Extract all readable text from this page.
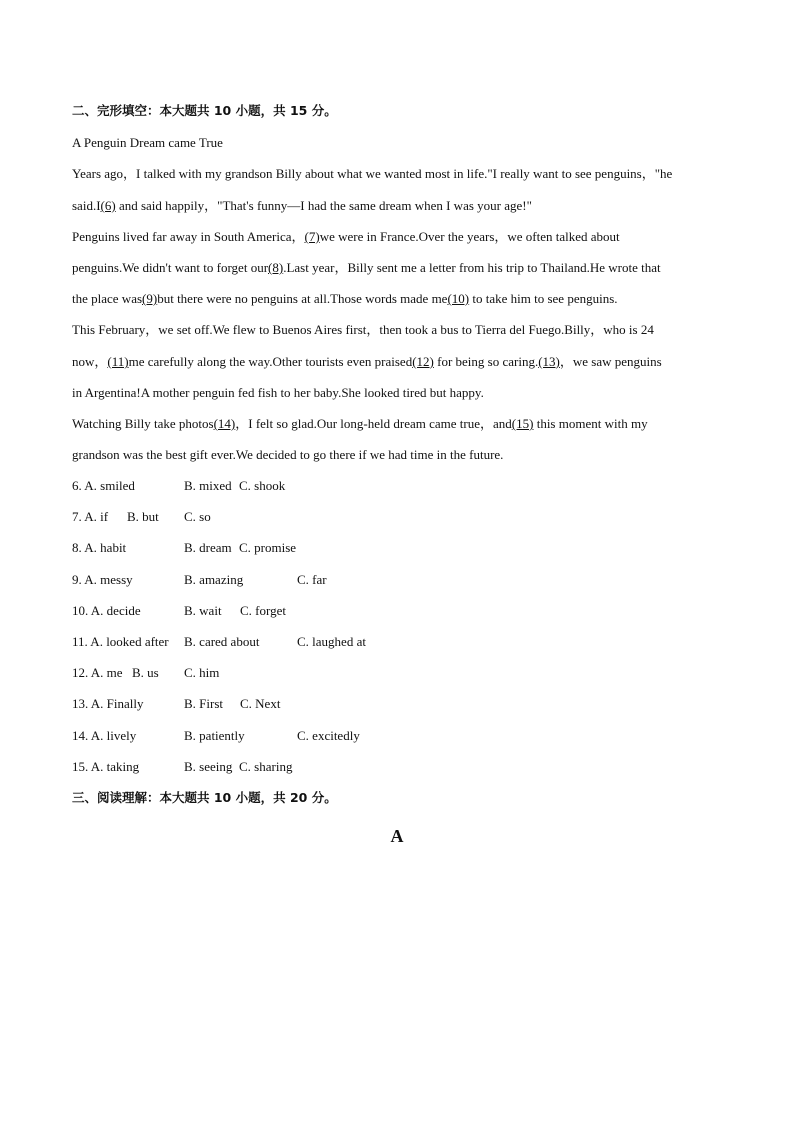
二、完形填空：本大题共 10 小题，共 15 分。
A Penguin Dream came True
Years ago，I talked with my grandson Billy about what we wanted most in life."I really want to see penguins，"he
said.I(6) and said happily，"That's funny—I had the same dream when I was your age!"
Penguins lived far away in South America，(7)we were in France.Over the years，we often talked about
penguins.We didn't want to forget our(8).Last year，Billy sent me a letter from his trip to Thailand.He wrote that
the place was(9)but there were no penguins at all.Those words made me(10) to take him to see penguins.
This February，we set off.We flew to Buenos Aires first，then took a bus to Tierra del Fuego.Billy，who is 24
now，(11)me carefully along the way.Other tourists even praised(12) for being so caring.(13)，we saw penguins
in Argentina!A mother penguin fed fish to her baby.She looked tired but happy.
Watching Billy take photos(14)，I felt so glad.Our long-held dream came true，and(15) this moment with my
grandson was the best gift ever.We decided to go there if we had time in the future.
6. A. smiled	B. mixed C. shook
7. A. if B. but C. so
8. A. habit	B. dream C. promise
9. A. messy	B. amazing	C. far
10. A. decide	B. wait C. forget
11. A. looked after B. cared about	C. laughed at
12. A. me B. us C. him
13. A. Finally	B. First C. Next
14. A. lively	B. patiently	C. excitedly
15. A. taking	B. seeing C. sharing
三、阅读理解：本大题共 10 小题，共 20 分。
A
